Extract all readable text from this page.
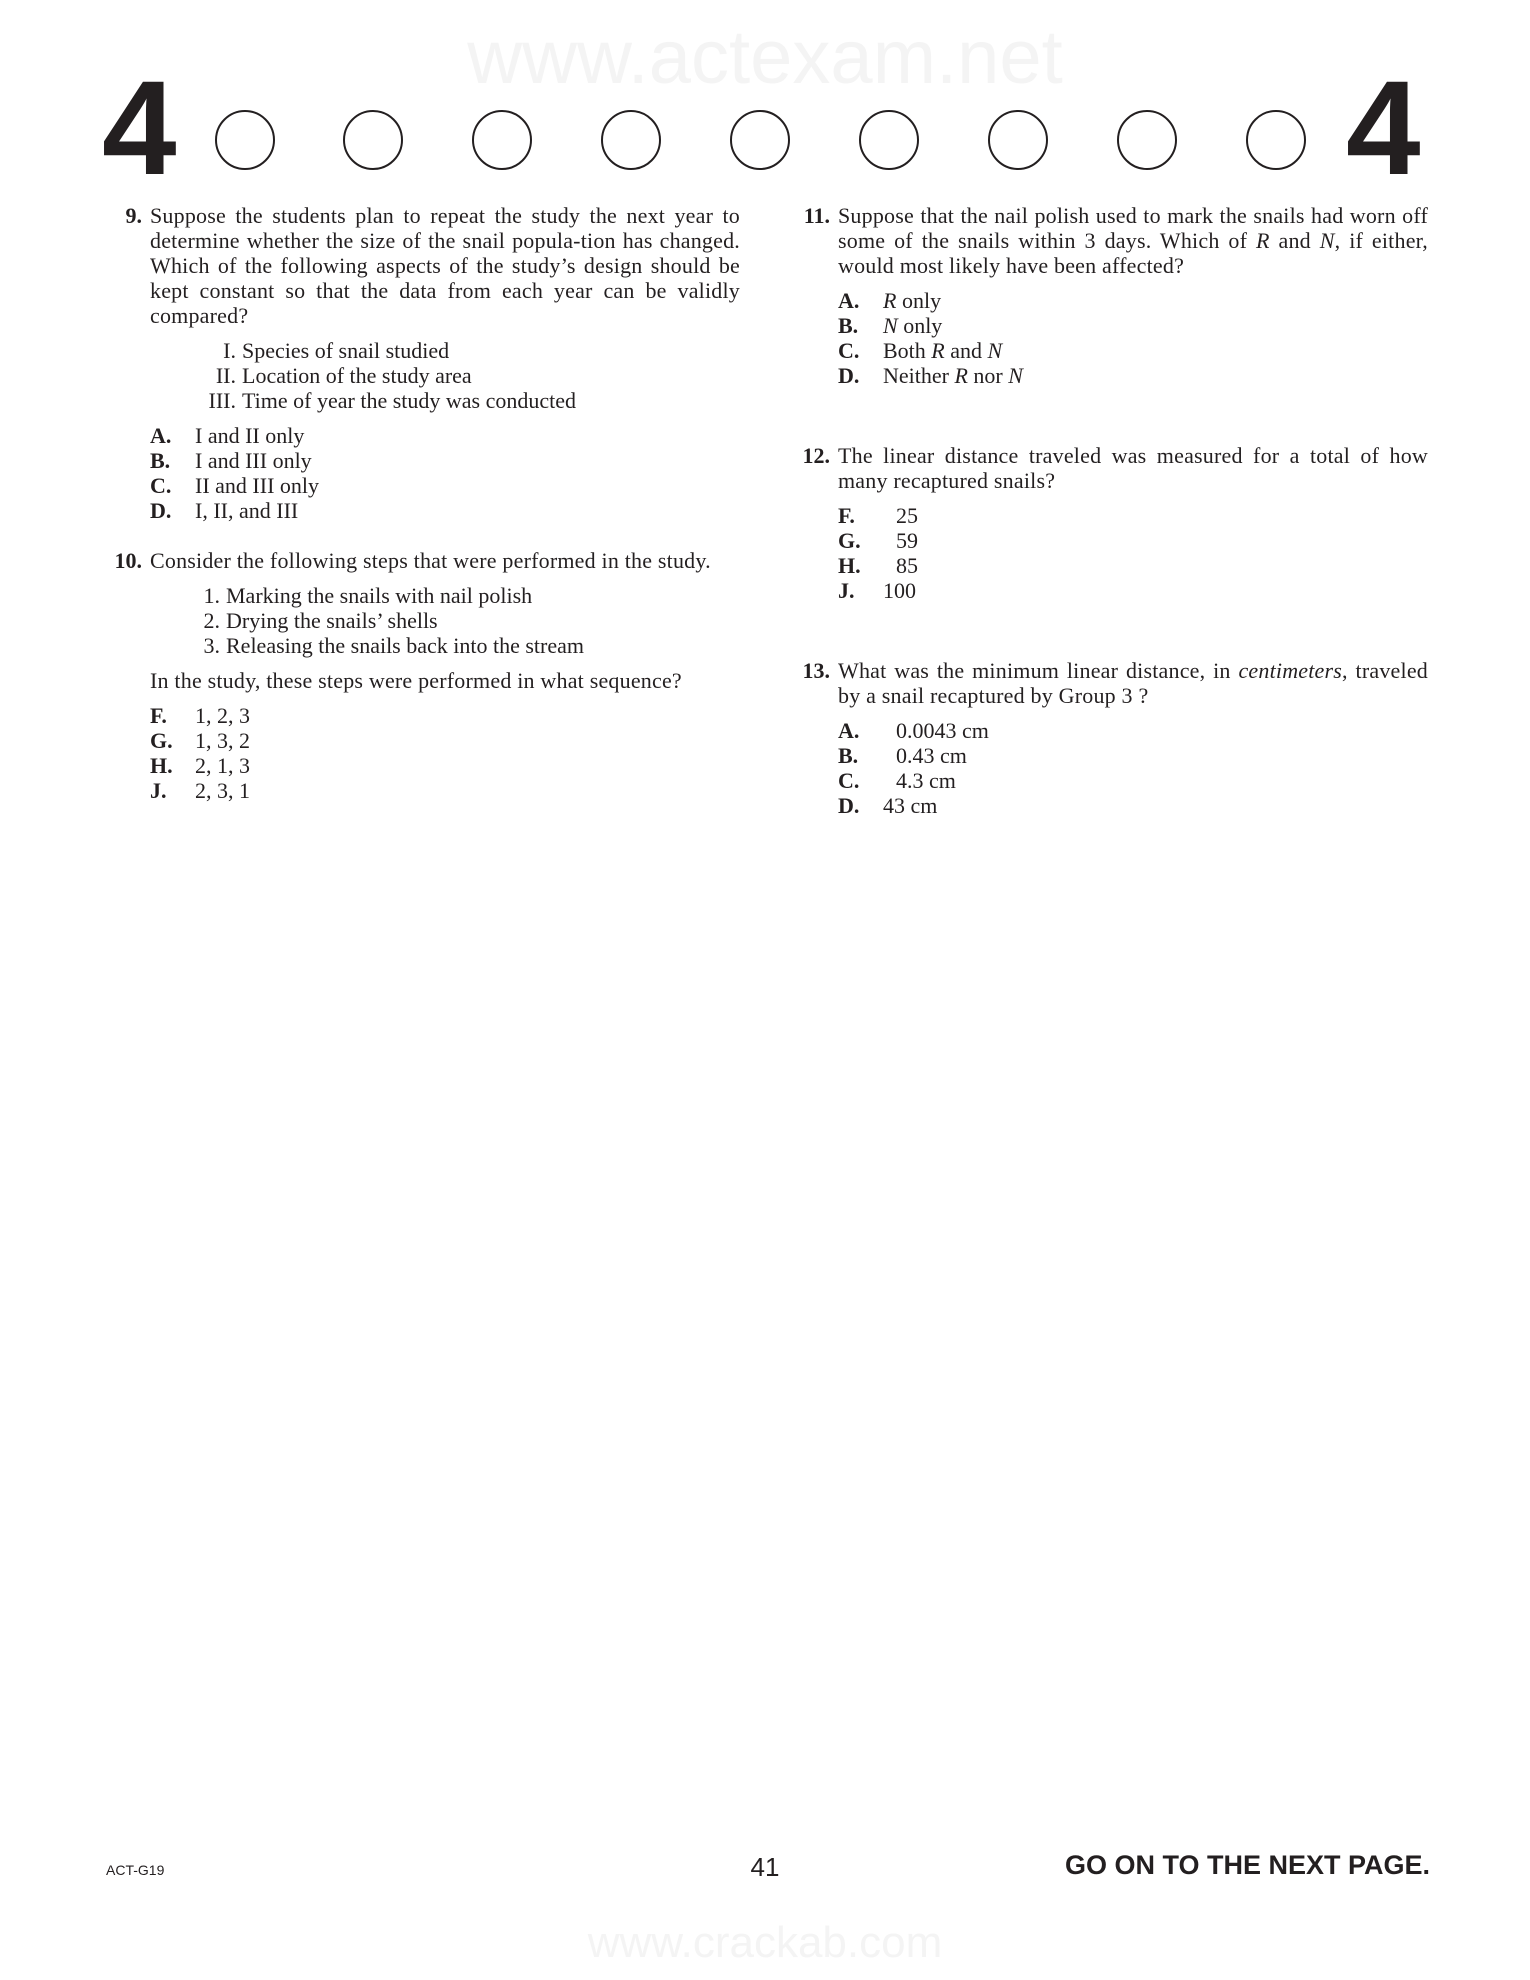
www.actexam.net
4	4
9. Suppose the students plan to repeat the study the next year to determine whether the size of the snail popula-tion has changed. Which of the following aspects of the study’s design should be kept constant so that the data from each year can be validly compared?
I. Species of snail studied
II. Location of the study area
III. Time of year the study was conducted
A. I and II only
B. I and III only
C. II and III only
D. I, II, and III
10. Consider the following steps that were performed in the study.
1. Marking the snails with nail polish
2. Drying the snails’ shells
3. Releasing the snails back into the stream
In the study, these steps were performed in what sequence?
F. 1, 2, 3
G. 1, 3, 2
H. 2, 1, 3
J. 2, 3, 1
11. Suppose that the nail polish used to mark the snails had worn off some of the snails within 3 days. Which of R and N, if either, would most likely have been affected?
A. R only
B. N only
C. Both R and N
D. Neither R nor N
12. The linear distance traveled was measured for a total of how many recaptured snails?
F. 25
G. 59
H. 85
J. 100
13. What was the minimum linear distance, in centimeters, traveled by a snail recaptured by Group 3 ?
A. 0.0043 cm
B. 0.43 cm
C. 4.3 cm
D. 43 cm
ACT-G19	41	GO ON TO THE NEXT PAGE.
www.crackab.com
